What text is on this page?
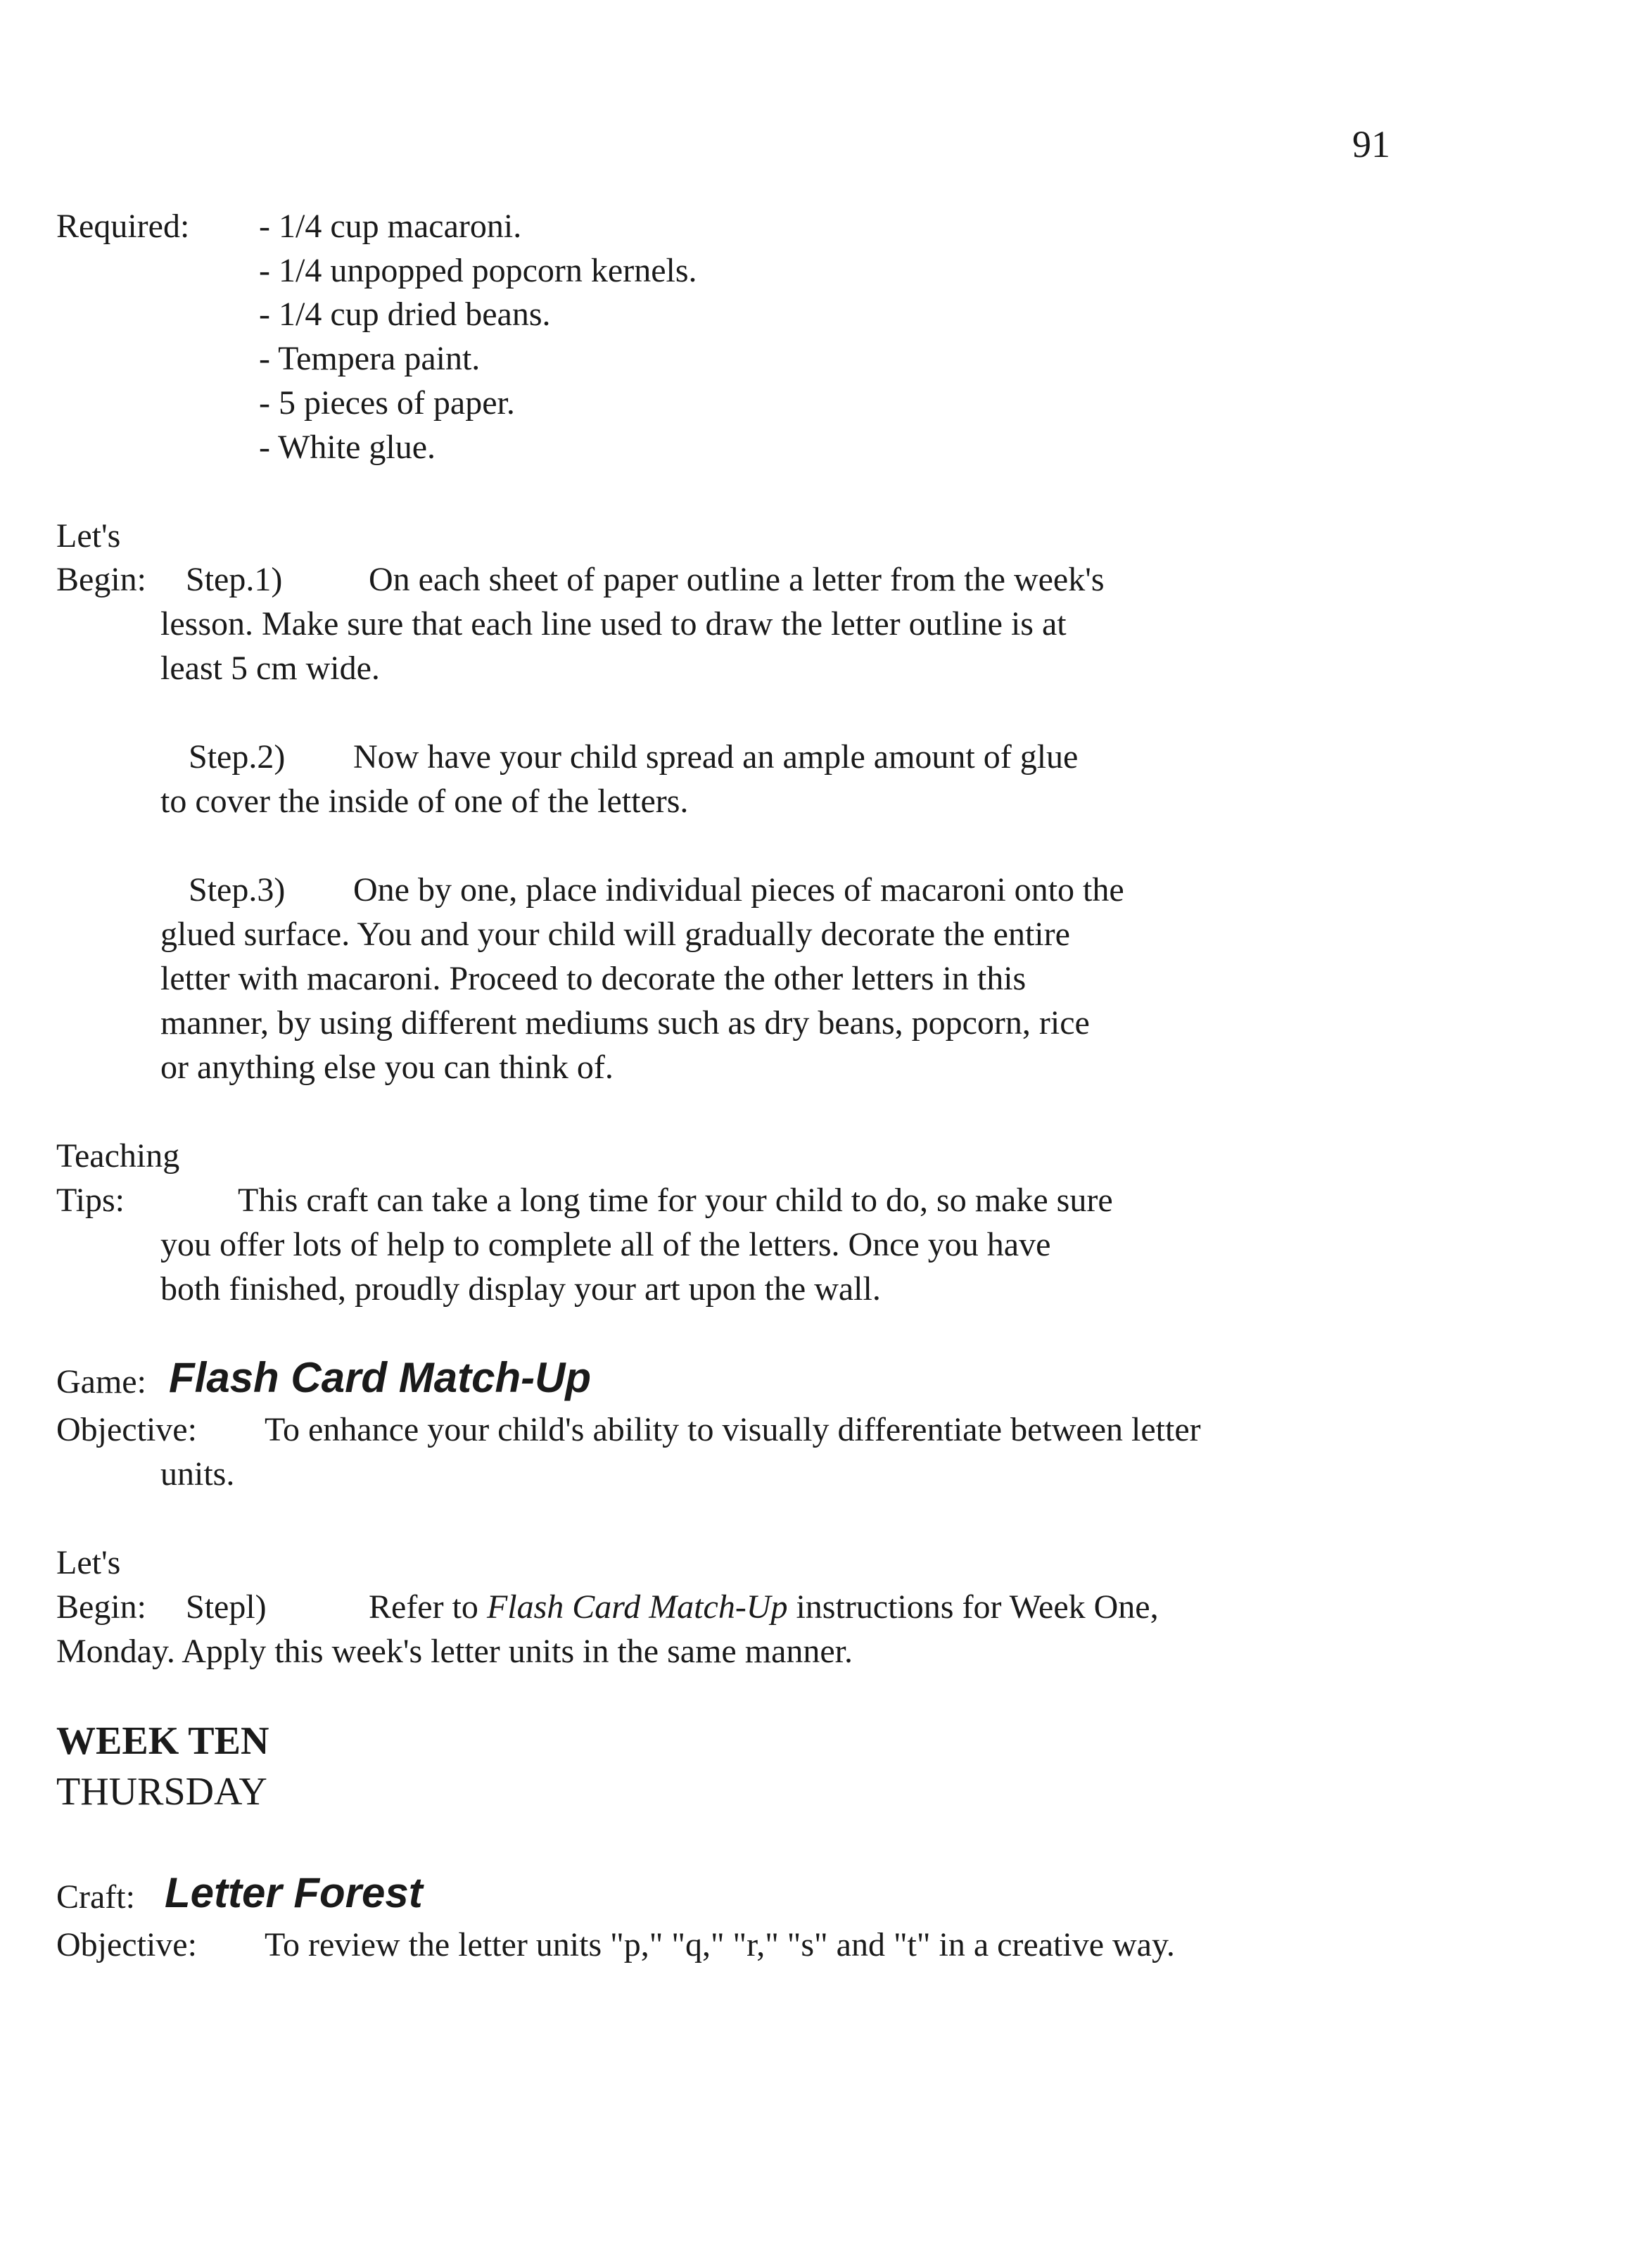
91
Required: - 1/4 cup macaroni.
- 1/4 unpopped popcorn kernels.
- 1/4 cup dried beans.
- Tempera paint.
- 5 pieces of paper.
- White glue.
Let's
Begin: Step.1)	On each sheet of paper outline a letter from the week's
lesson. Make sure that each line used to draw the letter outline is at
least 5 cm wide.
Step.2) Now have your child spread an ample amount of glue
to cover the inside of one of the letters.
Step.3) One by one, place individual pieces of macaroni onto the
glued surface. You and your child will gradually decorate the entire
letter with macaroni. Proceed to decorate the other letters in this
manner, by using different mediums such as dry beans, popcorn, rice
or anything else you can think of.
Teaching
Tips:	This craft can take a long time for your child to do, so make sure
you offer lots of help to complete all of the letters. Once you have
both finished, proudly display your art upon the wall.
Game: Flash Card Match-Up
Objective: To enhance your child's ability to visually differentiate between letter
units.
Let's
Begin: Stepl)	Refer to Flash Card Match-Up instructions for Week One,
Monday. Apply this week's letter units in the same manner.
WEEK TEN
THURSDAY
Craft: Letter Forest
Objective: To review the letter units "p," "q," "r," "s" and "t" in a creative way.
